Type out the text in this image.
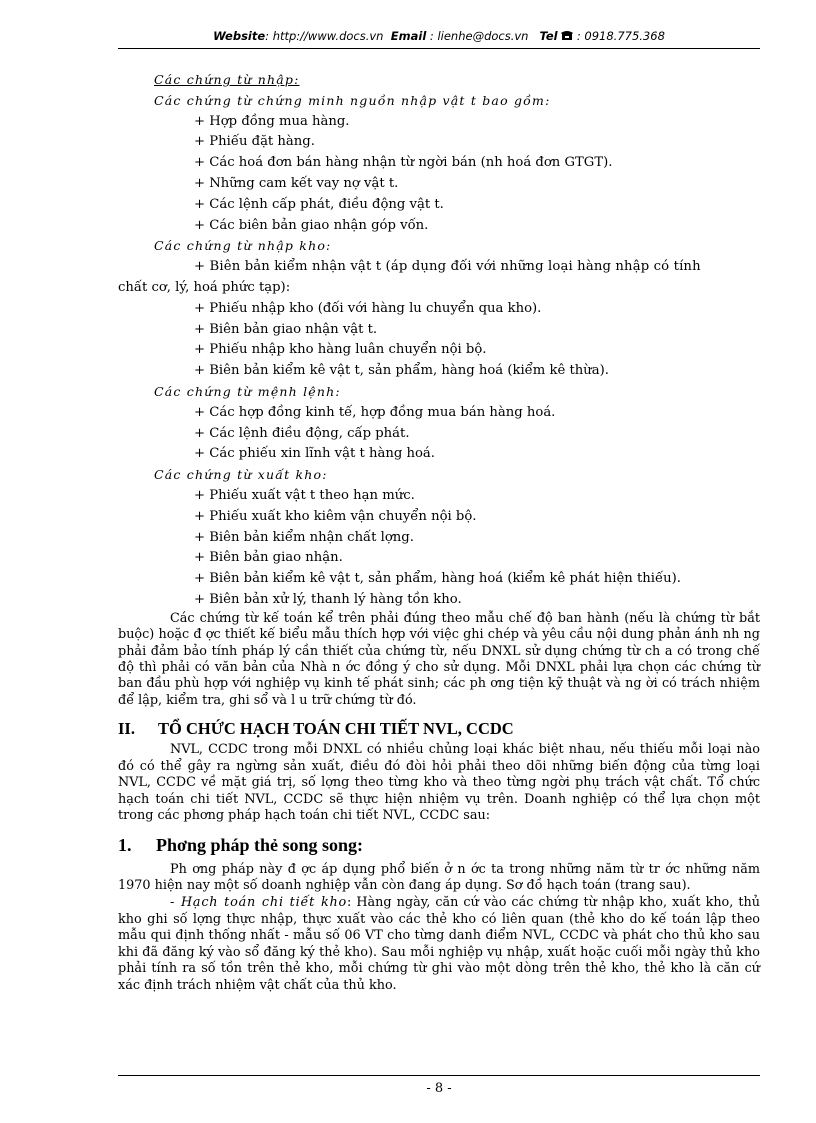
Website: http://www.docs.vn Email : lienhe@docs.vn Tel : 0918.775.368
Các chứng từ nhập:
Các chứng từ chứng minh nguồn nhập vật t bao gồm:
+ Hợp đồng mua hàng.
+ Phiếu đặt hàng.
+ Các hoá đơn bán hàng nhận từ ngời bán (nh hoá đơn GTGT).
+ Những cam kết vay nợ vật t.
+ Các lệnh cấp phát, điều động vật t.
+ Các biên bản giao nhận góp vốn.
Các chứng từ nhập kho:
+ Biên bản kiểm nhận vật t (áp dụng đối với những loại hàng nhập có tính
chất cơ, lý, hoá phức tạp):
+ Phiếu nhập kho (đối với hàng lu chuyển qua kho).
+ Biên bản giao nhận vật t.
+ Phiếu nhập kho hàng luân chuyển nội bộ.
+ Biên bản kiểm kê vật t, sản phẩm, hàng hoá (kiểm kê thừa).
Các chứng từ mệnh lệnh:
+ Các hợp đồng kinh tế, hợp đồng mua bán hàng hoá.
+ Các lệnh điều động, cấp phát.
+ Các phiếu xin lĩnh vật t hàng hoá.
Các chứng từ xuất kho:
+ Phiếu xuất vật t theo hạn mức.
+ Phiếu xuất kho kiêm vận chuyển nội bộ.
+ Biên bản kiểm nhận chất lợng.
+ Biên bản giao nhận.
+ Biên bản kiểm kê vật t, sản phẩm, hàng hoá (kiểm kê phát hiện thiếu).
+ Biên bản xử lý, thanh lý hàng tồn kho.
Các chứng từ kế toán kể trên phải đúng theo mẫu chế độ ban hành (nếu là chứng từ bắt buộc) hoặc đ ợc thiết kế biểu mẫu thích hợp với việc ghi chép và yêu cầu nội dung phản ánh nh ng phải đảm bảo tính pháp lý cần thiết của chứng từ, nếu DNXL sử dụng chứng từ ch a có trong chế độ thì phải có văn bản của Nhà n ớc đồng ý cho sử dụng. Mỗi DNXL phải lựa chọn các chứng từ ban đầu phù hợp với nghiệp vụ kinh tế phát sinh; các ph ơng tiện kỹ thuật và ng ời có trách nhiệm để lập, kiểm tra, ghi sổ và l u trữ chứng từ đó.
II. TỔ CHỨC HẠCH TOÁN CHI TIẾT NVL, CCDC
NVL, CCDC trong mỗi DNXL có nhiều chủng loại khác biệt nhau, nếu thiếu mỗi loại nào đó có thể gây ra ngừng sản xuất, điều đó đòi hỏi phải theo dõi những biến động của từng loại NVL, CCDC về mặt giá trị, số lợng theo từng kho và theo từng ngời phụ trách vật chất. Tổ chức hạch toán chi tiết NVL, CCDC sẽ thực hiện nhiệm vụ trên. Doanh nghiệp có thể lựa chọn một trong các phơng pháp hạch toán chi tiết NVL, CCDC sau:
1. Phơng pháp thẻ song song:
Ph ơng pháp này đ ợc áp dụng phổ biến ở n ớc ta trong những năm từ tr ớc những năm 1970 hiện nay một số doanh nghiệp vẫn còn đang áp dụng. Sơ đồ hạch toán (trang sau).
- Hạch toán chi tiết kho: Hàng ngày, căn cứ vào các chứng từ nhập kho, xuất kho, thủ kho ghi số lợng thực nhập, thực xuất vào các thẻ kho có liên quan (thẻ kho do kế toán lập theo mẫu qui định thống nhất - mẫu số 06 VT cho từng danh điểm NVL, CCDC và phát cho thủ kho sau khi đã đăng ký vào sổ đăng ký thẻ kho). Sau mỗi nghiệp vụ nhập, xuất hoặc cuối mỗi ngày thủ kho phải tính ra số tồn trên thẻ kho, mỗi chứng từ ghi vào một dòng trên thẻ kho, thẻ kho là căn cứ xác định trách nhiệm vật chất của thủ kho.
- 8 -
